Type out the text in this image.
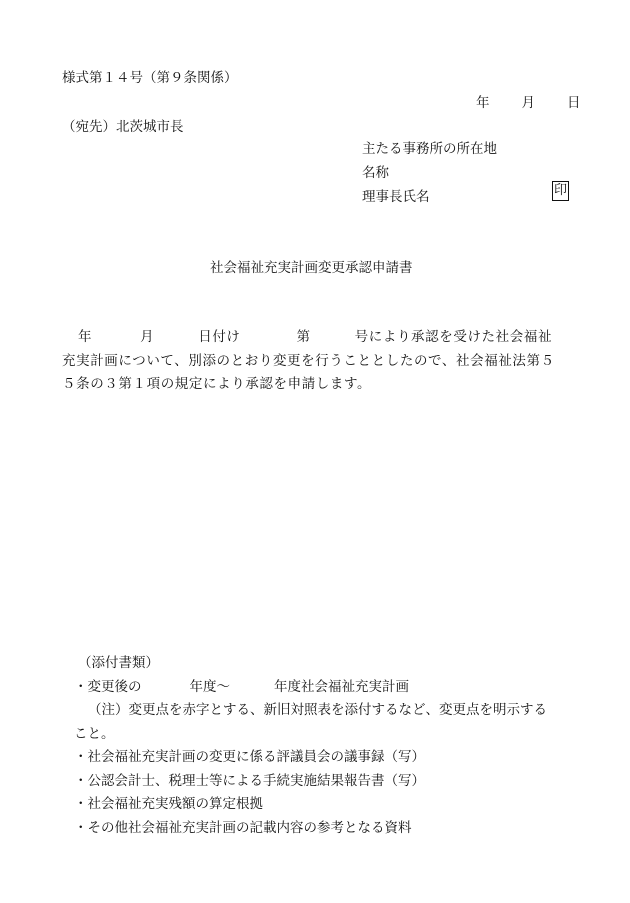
様式第１４号（第９条関係）
年 月 日
（宛先）北茨城市長
主たる事務所の所在地
名称
理事長氏名	印
社会福祉充実計画変更承認申請書
年	月	日付け	第	号により承認を受けた社会福祉
充実計画について、別添のとおり変更を行うこととしたので、社会福祉法第５
５条の３第１項の規定により承認を申請します。
（添付書類）
・変更後の	年度～	年度社会福祉充実計画
（注）変更点を赤字とする、新旧対照表を添付するなど、変更点を明示する
こと。
・社会福祉充実計画の変更に係る評議員会の議事録（写）
・公認会計士、税理士等による手続実施結果報告書（写）
・社会福祉充実残額の算定根拠
・その他社会福祉充実計画の記載内容の参考となる資料
